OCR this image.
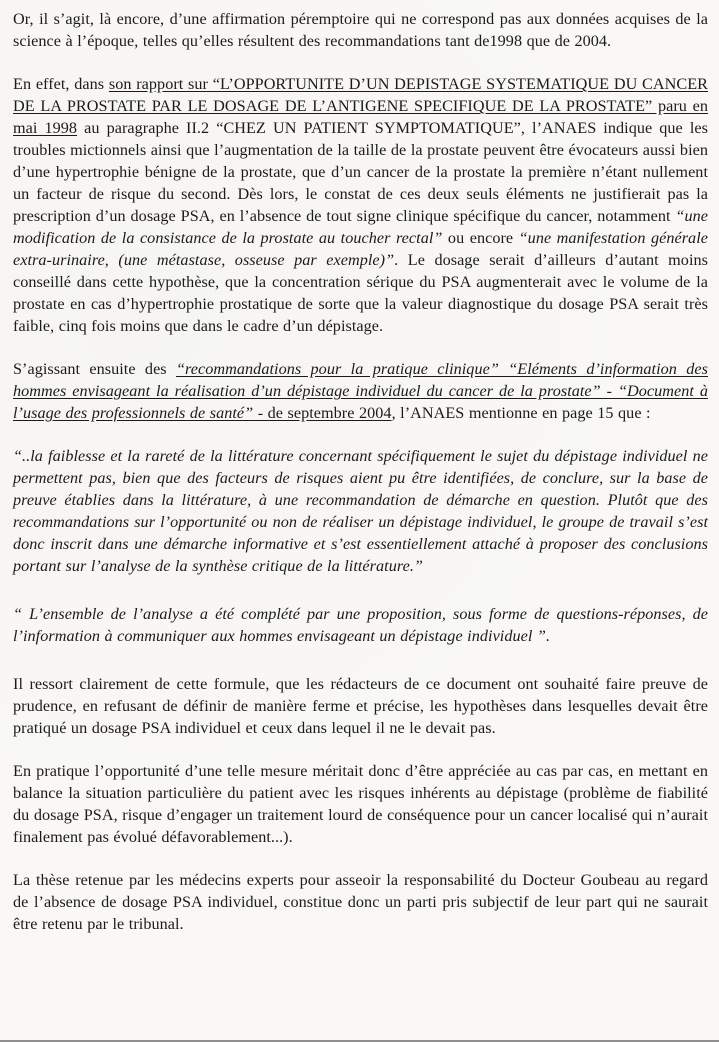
Or, il s’agit, là encore, d’une affirmation péremptoire qui ne correspond pas aux données acquises de la science à l’époque, telles qu’elles résultent des recommandations tant de1998 que de 2004.

En effet, dans son rapport sur “L’OPPORTUNITE D’UN DEPISTAGE SYSTEMATIQUE DU CANCER DE LA PROSTATE PAR LE DOSAGE DE L’ANTIGENE SPECIFIQUE DE LA PROSTATE” paru en mai 1998 au paragraphe II.2 “CHEZ UN PATIENT SYMPTOMATIQUE”, l’ANAES indique que les troubles mictionnels ainsi que l’augmentation de la taille de la prostate peuvent être évocateurs aussi bien d’une hypertrophie bénigne de la prostate, que d’un cancer de la prostate la première n’étant nullement un facteur de risque du second. Dès lors, le constat de ces deux seuls éléments ne justifierait pas la prescription d’un dosage PSA, en l’absence de tout signe clinique spécifique du cancer, notamment “une modification de la consistance de la prostate au toucher rectal” ou encore “une manifestation générale extra-urinaire, (une métastase, osseuse par exemple)”. Le dosage serait d’ailleurs d’autant moins conseillé dans cette hypothèse, que la concentration sérique du PSA augmenterait avec le volume de la prostate en cas d’hypertrophie prostatique de sorte que la valeur diagnostique du dosage PSA serait très faible, cinq fois moins que dans le cadre d’un dépistage.

S’agissant ensuite des “recommandations pour la pratique clinique” “Eléments d’information des hommes envisageant la réalisation d’un dépistage individuel du cancer de la prostate” - “Document à l’usage des professionnels de santé” - de septembre 2004, l’ANAES mentionne en page 15 que :

“..la faiblesse et la rareté de la littérature concernant spécifiquement le sujet du dépistage individuel ne permettent pas, bien que des facteurs de risques aient pu être identifiées, de conclure, sur la base de preuve établies dans la littérature, à une recommandation de démarche en question. Plutôt que des recommandations sur l’opportunité ou non de réaliser un dépistage individuel, le groupe de travail s’est donc inscrit dans une démarche informative et s’est essentiellement attaché à proposer des conclusions portant sur l’analyse de la synthèse critique de la littérature.”

“ L’ensemble de l’analyse a été complété par une proposition, sous forme de questions-réponses, de l’information à communiquer aux hommes envisageant un dépistage individuel ”.

Il ressort clairement de cette formule, que les rédacteurs de ce document ont souhaité faire preuve de prudence, en refusant de définir de manière ferme et précise, les hypothèses dans lesquelles devait être pratiqué un dosage PSA individuel et ceux dans lequel il ne le devait pas.

En pratique l’opportunité d’une telle mesure méritait donc d’être appréciée au cas par cas, en mettant en balance la situation particulière du patient avec les risques inhérents au dépistage (problème de fiabilité du dosage PSA, risque d’engager un traitement lourd de conséquence pour un cancer localisé qui n’aurait finalement pas évolué défavorablement...).

La thèse retenue par les médecins experts pour asseoir la responsabilité du Docteur Goubeau au regard de l’absence de dosage PSA individuel, constitue donc un parti pris subjectif de leur part qui ne saurait être retenu par le tribunal.
